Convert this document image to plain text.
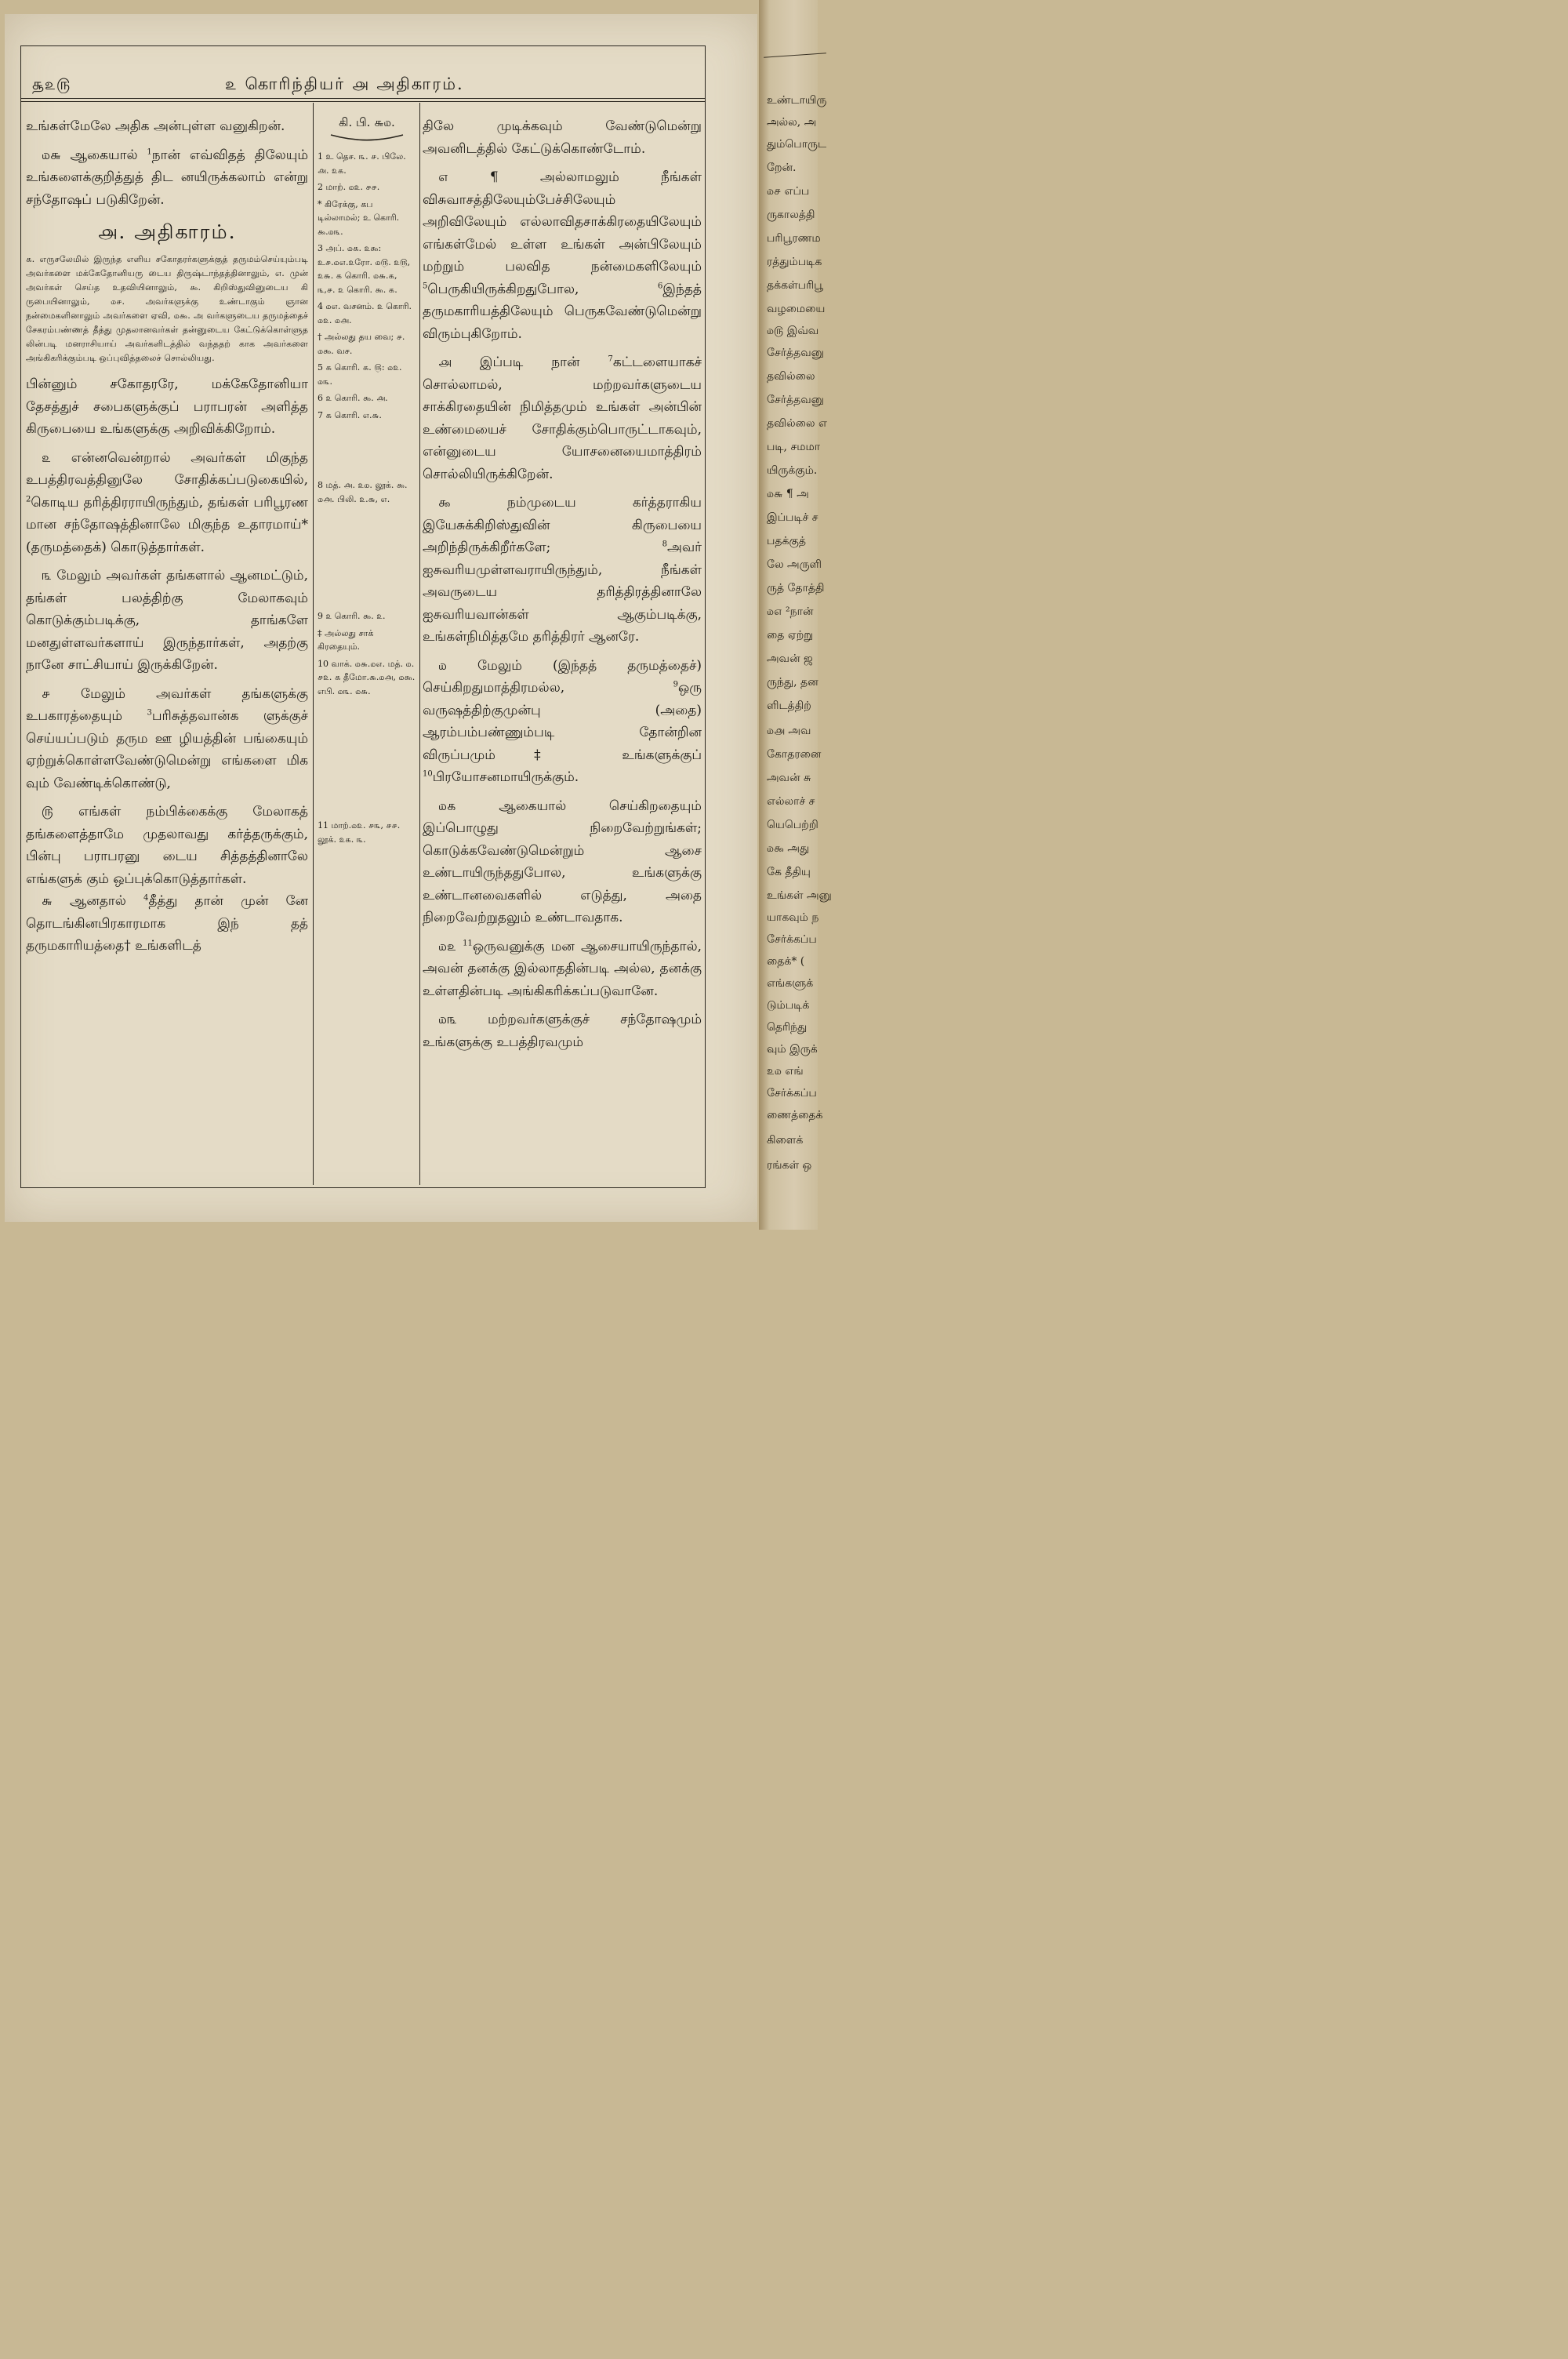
௲௨௫	௨ கொரிந்தியர் ௮ அதிகாரம்.

உங்கள்மேலே அதிக அன்புள்ள வனுகிறன்.

௰௬ ஆகையால் $^1$நான் எவ்விதத் திலேயும் உங்களைக்குறித்துத் திட னயிருக்கலாம் என்று சந்தோஷப் படுகிறேன்.

௮. அதிகாரம்.

௧. எருசலேமில் இருந்த எளிய சகோதரர்களுக்குத் தருமம்செய்யும்படி அவர்களை மக்கேதோனியரு டைய திருஷ்டாந்தத்தினாலும், ௭. முன் அவர்கள் செய்த உதவியினாலும், ௯. கிறிஸ்துவினுடைய கி ருபையினாலும், ௰௪. அவர்களுக்கு உண்டாகும் ஞான நன்மைகளினாலும் அவர்களை ஏவி, ௰௯. அ வர்களுடைய தருமத்தைச் சேகரம்பண்ணத் தீத்து முதலானவர்கள் தன்னுடைய கேட்டுக்கொள்ளுத லின்படி மனராசியாய் அவர்களிடத்தில் வந்ததற் காக அவர்களை அங்கிகரிக்கும்படி ஒப்புவித்தலைச் சொல்லியது.

பின்னும் சகோதரரே, மக்கேதோனியா தேசத்துச் சபைகளுக்குப் பராபரன் அளித்த கிருபையை உங்களுக்கு அறிவிக்கிறோம்.

௨ என்னவென்றால் அவர்கள் மிகுந்த உபத்திரவத்தினுலே சோதிக்கப்படுகையில், $^2$கொடிய தரித்திரராயிருந்தும், தங்கள் பரிபூரண மான சந்தோஷத்தினாலே மிகுந்த உதாரமாய்* (தருமத்தைக்) கொடுத்தார்கள்.

௩ மேலும் அவர்கள் தங்களால் ஆனமட்டும், தங்கள் பலத்திற்கு மேலாகவும் கொடுக்கும்படிக்கு, தாங்களே மனதுள்ளவர்களாய் இருந்தார்கள், அதற்கு நானே சாட்சியாய் இருக்கிறேன்.

௪ மேலும் அவர்கள் தங்களுக்கு உபகாரத்தையும் $^3$பரிசுத்தவான்க ளுக்குச் செய்யப்படும் தரும ஊ ழியத்தின் பங்கையும் ஏற்றுக்கொள்ளவேண்டுமென்று எங்களை மிக வும் வேண்டிக்கொண்டு,

௫ எங்கள் நம்பிக்கைக்கு மேலாகத் தங்களைத்தாமே முதலாவது கர்த்தருக்கும், பின்பு பராபரனு டைய சித்தத்தினாலே எங்களுக் கும் ஒப்புக்கொடுத்தார்கள்.

௬ ஆனதால் $^4$தீத்து தான் முன் னே தொடங்கினபிரகாரமாக இந் தத் தருமகாரியத்தை† உங்களிடத்

கி. பி. ௬௰.

1 உ தெச. ௩. ௪. பிலே. ௮. ௨௧.

2 மாற். ௰௨. ௪௪.

* கிரேக்கு, கப டில்லாமல்; உ கொரி. ௯.௰௩.

3 அப். ௰௧. ௨௯: உ௪.௰௭.௨ரோ. ௰௫. ௨௫, ௨௬. ௧ கொரி. ௰௬.௧, ௩,௪. ௨ கொரி. ௯. ௧.

4 ௰௭. வசனம். ௨ கொரி. ௰௨. ௰௮.

† அல்லது தய வை; ௪. ௰௯. வச.

5 ௧ கொரி. ௧. ௫: ௰௨. ௰௩.

6 ௨ கொரி. ௯. ௮.

7 ௧ கொரி. ௭.௬.

8 மத். ௮. ௨௰. லூக். ௯. ௰௮. பிலி. ௨.௬, ௭.

9 ௨ கொரி. ௯. ௨.

‡ அல்லது சாக் கிரதையும்.

10 வாக். ௰௬.௰௭. மத். ௰. ௪௨. ௧ தீமோ.௬.௰௮, ௰௯. எபி. ௰௩. ௰௬.

11 மாற்.௰௨. ௪௩, ௪௪. லூக். ௨௧. ௩.

திலே முடிக்கவும் வேண்டுமென்று அவனிடத்தில் கேட்டுக்கொண்டோம்.

௭ ¶ அல்லாமலும் நீங்கள் விசுவாசத்திலேயும்பேச்சிலேயும் அறிவிலேயும் எல்லாவிதசாக்கிரதையிலேயும் எங்கள்மேல் உள்ள உங்கள் அன்பிலேயும் மற்றும் பலவித நன்மைகளிலேயும் $^5$பெருகியிருக்கிறதுபோல, $^6$இந்தத் தருமகாரியத்திலேயும் பெருகவேண்டுமென்று விரும்புகிறோம்.

௮ இப்படி நான் $^7$கட்டளையாகச் சொல்லாமல், மற்றவர்களுடைய சாக்கிரதையின் நிமித்தமும் உங்கள் அன்பின் உண்மையைச் சோதிக்கும்பொருட்டாகவும், என்னுடைய யோசனையைமாத்திரம் சொல்லியிருக்கிறேன்.

௯ நம்முடைய கர்த்தராகிய இயேசுக்கிறிஸ்துவின் கிருபையை அறிந்திருக்கிறீர்களே; $^8$அவர் ஐசுவரியமுள்ளவராயிருந்தும், நீங்கள் அவருடைய தரித்திரத்தினாலே ஐசுவரியவான்கள் ஆகும்படிக்கு, உங்கள்நிமித்தமே தரித்திரர் ஆனரே.

௰ மேலும் (இந்தத் தருமத்தைச்) செய்கிறதுமாத்திரமல்ல, $^9$ஒரு வருஷத்திற்குமுன்பு (அதை) ஆரம்பம்பண்ணும்படி தோன்றின விருப்பமும்‡ உங்களுக்குப் $^{10}$பிரயோசனமாயிருக்கும்.

௰௧ ஆகையால் செய்கிறதையும் இப்பொழுது நிறைவேற்றுங்கள்; கொடுக்கவேண்டுமென்றும் ஆசை உண்டாயிருந்ததுபோல, உங்களுக்கு உண்டானவைகளில் எடுத்து, அதை நிறைவேற்றுதலும் உண்டாவதாக.

௰௨ $^{11}$ஒருவனுக்கு மன ஆசையாயிருந்தால், அவன் தனக்கு இல்லாததின்படி அல்ல, தனக்கு உள்ளதின்படி அங்கிகரிக்கப்படுவானே.

௰௩ மற்றவர்களுக்குச் சந்தோஷமும் உங்களுக்கு உபத்திரவமும்

உண்டாயிரு
அல்ல, அ
தும்பொருட
றேன்.
௰௪ எப்ப
ருகாலத்தி
பரிபூரணம
ரத்தும்படிக
தக்கள்பரிபூ
வழமையை
௰௫ இவ்வ
சேர்த்தவனு
தவில்லை
சேர்த்தவனு
தவில்லை எ
படி, சமமா
யிருக்கும்.
௰௬ ¶ அ
இப்படிச் ச
பதக்குத்
லே அருளி
ருத் தோத்தி
௰௭ ²நான்
தை ஏற்று
அவன் ஜ
ருந்து, தன
ளிடத்திற்
௰௮ அவ
கோதரனை
அவன் சு
எல்லாச் ச
யெபெற்றி
௰௯ அது
கே தீதியு
உங்கள் அனு
யாகவும் ந
சேர்க்கப்ப
தைக்* (
எங்களுக்
டும்படிக்
தெரிந்து
வும் இருக்
௨௰ எங்
சேர்க்கப்ப
ணைத்தைக்
கிளைக்
ரங்கள் ஒ
